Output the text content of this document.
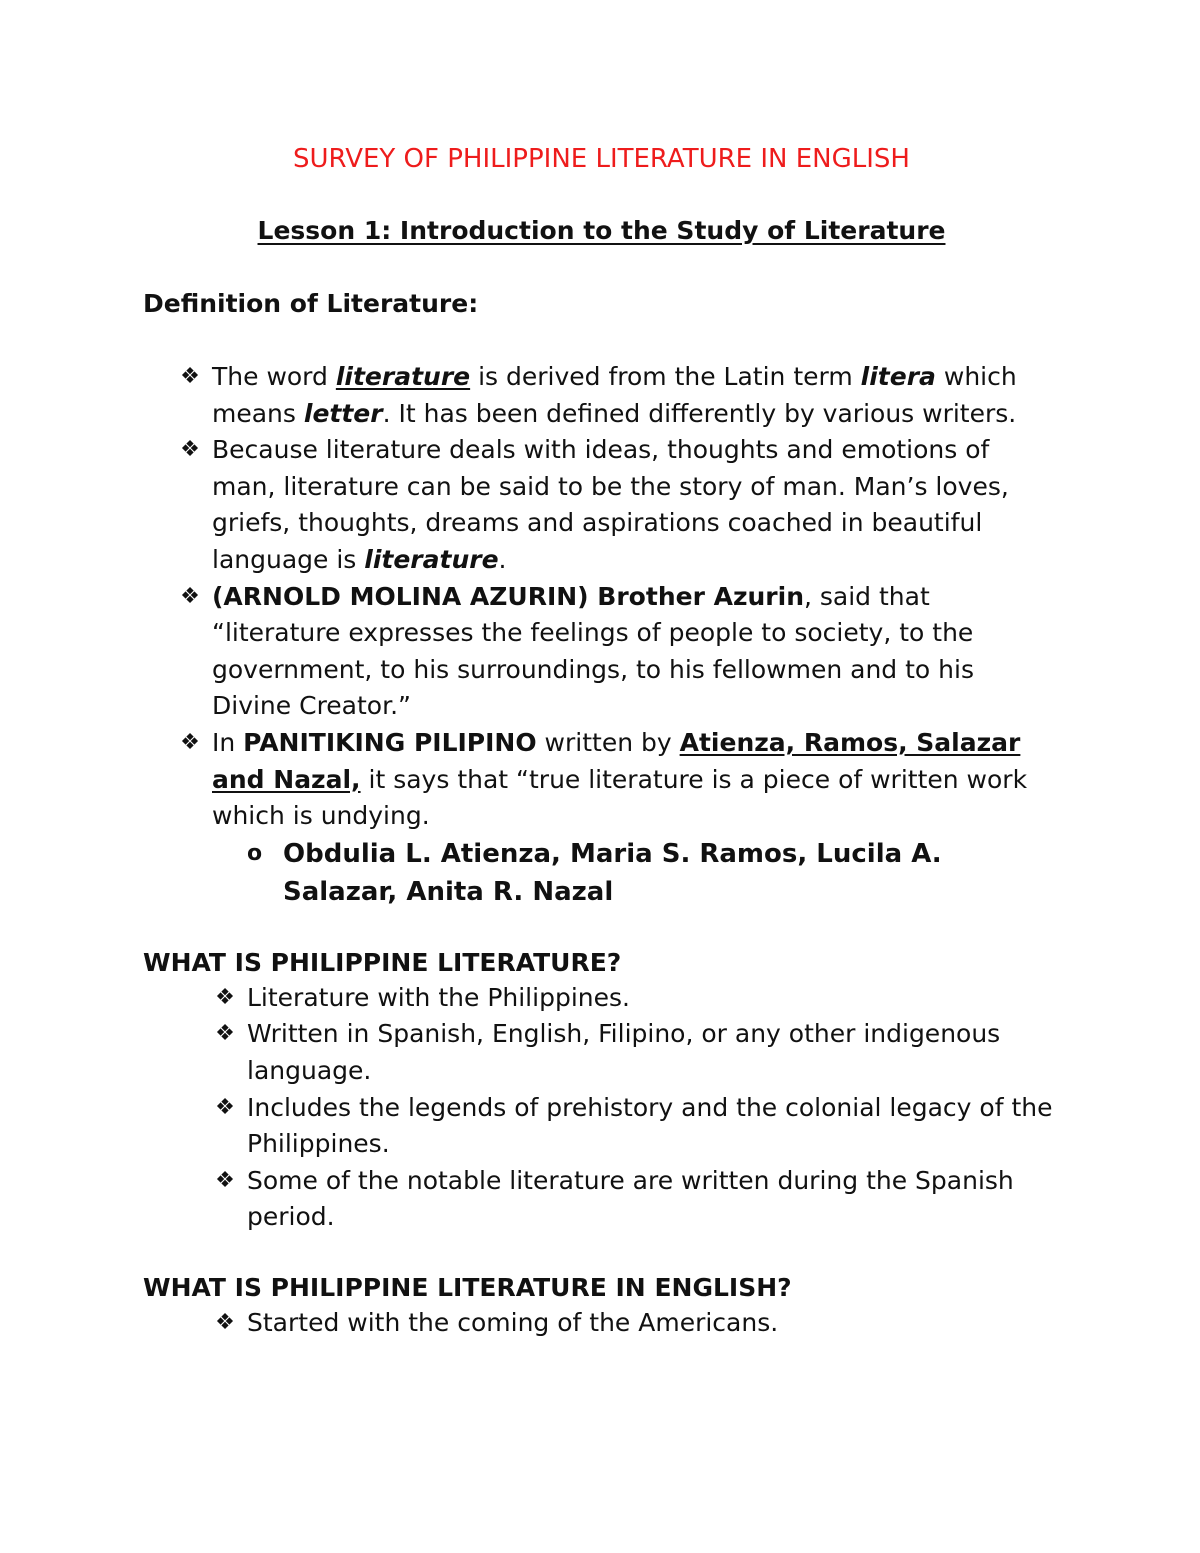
SURVEY OF PHILIPPINE LITERATURE IN ENGLISH
Lesson 1: Introduction to the Study of Literature

Definition of Literature:

❖ The word literature is derived from the Latin term litera which means letter. It has been defined differently by various writers.
❖ Because literature deals with ideas, thoughts and emotions of man, literature can be said to be the story of man. Man’s loves, griefs, thoughts, dreams and aspirations coached in beautiful language is literature.
❖ (ARNOLD MOLINA AZURIN) Brother Azurin, said that “literature expresses the feelings of people to society, to the government, to his surroundings, to his fellowmen and to his Divine Creator.”
❖ In PANITIKING PILIPINO written by Atienza, Ramos, Salazar and Nazal, it says that “true literature is a piece of written work which is undying.
o Obdulia L. Atienza, Maria S. Ramos, Lucila A. Salazar, Anita R. Nazal

WHAT IS PHILIPPINE LITERATURE?

❖ Literature with the Philippines.
❖ Written in Spanish, English, Filipino, or any other indigenous language.
❖ Includes the legends of prehistory and the colonial legacy of the Philippines.
❖ Some of the notable literature are written during the Spanish period.

WHAT IS PHILIPPINE LITERATURE IN ENGLISH?

❖ Started with the coming of the Americans.
